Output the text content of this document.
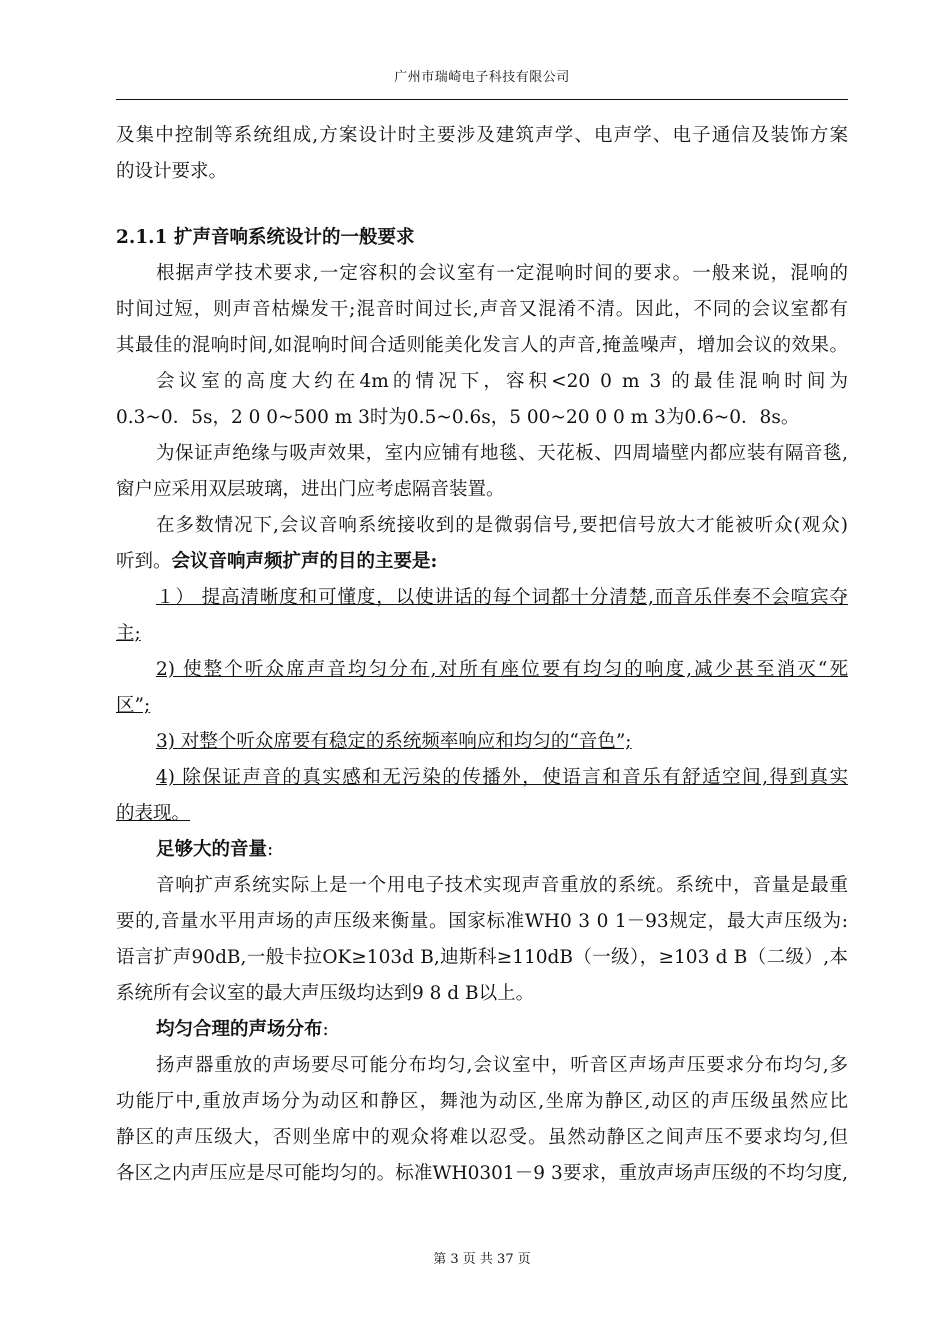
广州市瑞崎电子科技有限公司
及集中控制等系统组成,方案设计时主要涉及建筑声学、电声学、电子通信及装饰方案
的设计要求。
2.1.1 扩声音响系统设计的一般要求
根据声学技术要求,一定容积的会议室有一定混响时间的要求。一般来说，混响的
时间过短，则声音枯燥发干;混音时间过长,声音又混淆不清。因此，不同的会议室都有
其最佳的混响时间,如混响时间合适则能美化发言人的声音,掩盖噪声，增加会议的效果。
会议室的高度大约在4m的情况下，容积<20 0 m 3 的最佳混响时间为
0.3~0．5s，2 0 0~500 m 3时为0.5~0.6s，5 00~20 0 0 m 3为0.6~0．8s。
为保证声绝缘与吸声效果，室内应铺有地毯、天花板、四周墙壁内都应装有隔音毯,
窗户应采用双层玻璃，进出门应考虑隔音装置。
在多数情况下,会议音响系统接收到的是微弱信号,要把信号放大才能被听众(观众)
听到。会议音响声频扩声的目的主要是:
１） 提高清晰度和可懂度，以使讲话的每个词都十分清楚,而音乐伴奏不会喧宾夺
主;
2) 使整个听众席声音均匀分布,对所有座位要有均匀的响度,减少甚至消灭“死
区”;
3) 对整个听众席要有稳定的系统频率响应和均匀的“音色”;
4) 除保证声音的真实感和无污染的传播外，使语言和音乐有舒适空间,得到真实
的表现。
足够大的音量:
音响扩声系统实际上是一个用电子技术实现声音重放的系统。系统中，音量是最重
要的,音量水平用声场的声压级来衡量。国家标准WH0 3 0 1－93规定，最大声压级为:
语言扩声90dB,一般卡拉OK≥103d B,迪斯科≥110dB（一级），≥103 d B（二级）,本
系统所有会议室的最大声压级均达到9 8 d B以上。
均匀合理的声场分布:
扬声器重放的声场要尽可能分布均匀,会议室中，听音区声场声压要求分布均匀,多
功能厅中,重放声场分为动区和静区，舞池为动区,坐席为静区,动区的声压级虽然应比
静区的声压级大，否则坐席中的观众将难以忍受。虽然动静区之间声压不要求均匀,但
各区之内声压应是尽可能均匀的。标准WH0301－9 3要求，重放声场声压级的不均匀度,
第 3 页 共 37 页
